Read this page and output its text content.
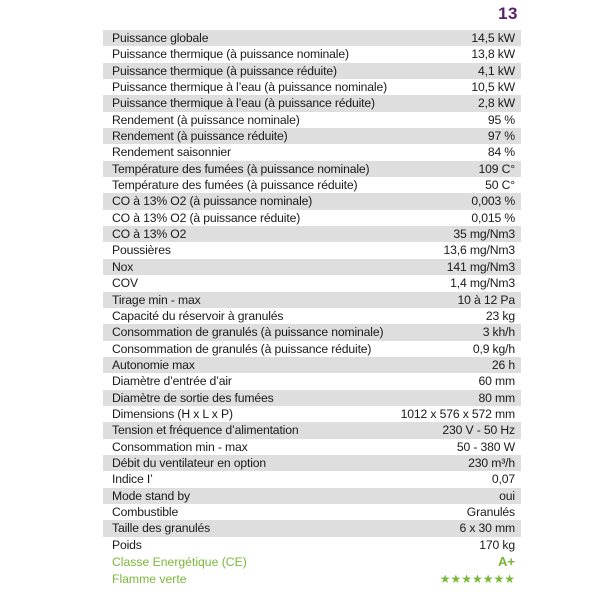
13
Puissance globale	14,5 kW
Puissance thermique (à puissance nominale)	13,8 kW
Puissance thermique (à puissance réduite)	4,1 kW
Puissance thermique à l’eau (à puissance nominale)	10,5 kW
Puissance thermique à l’eau (à puissance réduite)	2,8 kW
Rendement (à puissance nominale)	95 %
Rendement (à puissance réduite)	97 %
Rendement saisonnier	84 %
Température des fumées (à puissance nominale)	109 C°
Température des fumées (à puissance réduite)	50 C°
CO à 13% O2 (à puissance nominale)	0,003 %
CO à 13% O2 (à puissance réduite)	0,015 %
CO à 13% O2	35 mg/Nm3
Poussières	13,6 mg/Nm3
Nox	141 mg/Nm3
COV	1,4 mg/Nm3
Tirage min - max	10 à 12 Pa
Capacité du réservoir à granulés	23 kg
Consommation de granulés (à puissance nominale)	3 kh/h
Consommation de granulés (à puissance réduite)	0,9 kg/h
Autonomie max	26 h
Diamètre d’entrée d’air	60 mm
Diamètre de sortie des fumées	80 mm
Dimensions (H x L x P)	1012 x 576 x 572 mm
Tension et fréquence d’alimentation	230 V - 50 Hz
Consommation min - max	50 - 380 W
Débit du ventilateur en option	230 m³/h
Indice I’	0,07
Mode stand by	oui
Combustible	Granulés
Taille des granulés	6 x 30 mm
Poids	170 kg
Classe Energétique (CE)	A+
Flamme verte	★★★★★★★
